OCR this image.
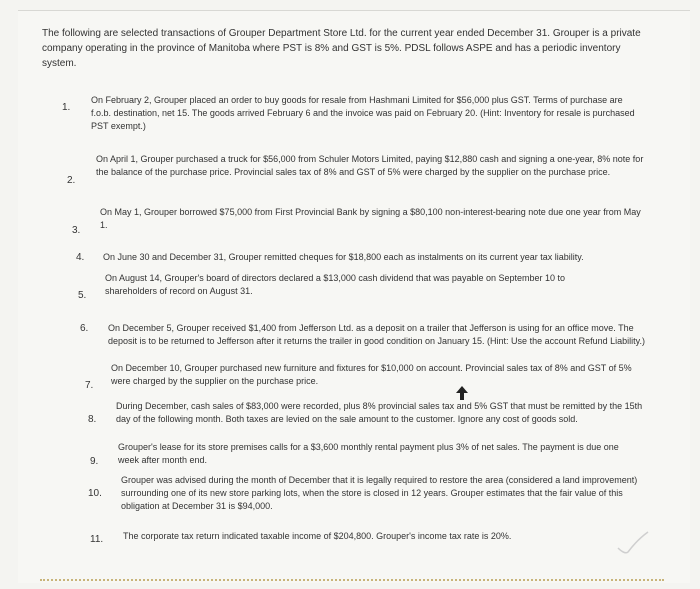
The following are selected transactions of Grouper Department Store Ltd. for the current year ended December 31. Grouper is a private company operating in the province of Manitoba where PST is 8% and GST is 5%. PDSL follows ASPE and has a periodic inventory system.
1.
On February 2, Grouper placed an order to buy goods for resale from Hashmani Limited for $56,000 plus GST. Terms of purchase are f.o.b. destination, net 15. The goods arrived February 6 and the invoice was paid on February 20. (Hint: Inventory for resale is purchased PST exempt.)
2.
On April 1, Grouper purchased a truck for $56,000 from Schuler Motors Limited, paying $12,880 cash and signing a one-year, 8% note for the balance of the purchase price. Provincial sales tax of 8% and GST of 5% were charged by the supplier on the purchase price.
3.
On May 1, Grouper borrowed $75,000 from First Provincial Bank by signing a $80,100 non-interest-bearing note due one year from May 1.
4. On June 30 and December 31, Grouper remitted cheques for $18,800 each as instalments on its current year tax liability.
5.
On August 14, Grouper's board of directors declared a $13,000 cash dividend that was payable on September 10 to shareholders of record on August 31.
6. On December 5, Grouper received $1,400 from Jefferson Ltd. as a deposit on a trailer that Jefferson is using for an office move. The deposit is to be returned to Jefferson after it returns the trailer in good condition on January 15. (Hint: Use the account Refund Liability.)
7.
On December 10, Grouper purchased new furniture and fixtures for $10,000 on account. Provincial sales tax of 8% and GST of 5% were charged by the supplier on the purchase price.
8.
During December, cash sales of $83,000 were recorded, plus 8% provincial sales tax and 5% GST that must be remitted by the 15th day of the following month. Both taxes are levied on the sale amount to the customer. Ignore any cost of goods sold.
9.
Grouper's lease for its store premises calls for a $3,600 monthly rental payment plus 3% of net sales. The payment is due one week after month end.
10.
Grouper was advised during the month of December that it is legally required to restore the area (considered a land improvement) surrounding one of its new store parking lots, when the store is closed in 12 years. Grouper estimates that the fair value of this obligation at December 31 is $94,000.
11. The corporate tax return indicated taxable income of $204,800. Grouper's income tax rate is 20%.
